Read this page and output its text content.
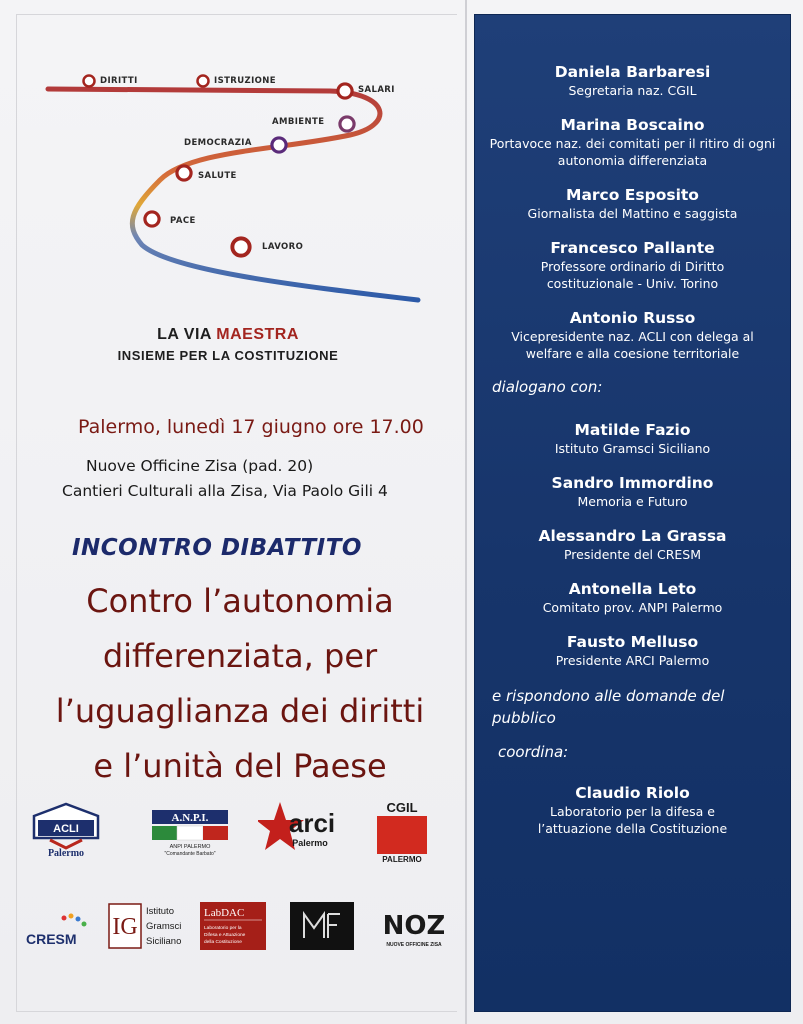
DIRITTI	ISTRUZIONE
SALARI
AMBIENTE
DEMOCRAZIA
SALUTE
PACE
LAVORO
LA VIA MAESTRA
INSIEME PER LA COSTITUZIONE
Palermo, lunedì 17 giugno ore 17.00
Nuove Officine Zisa (pad. 20)
Cantieri Culturali alla Zisa, Via Paolo Gili 4
INCONTRO DIBATTITO
Contro l’autonomia
differenziata, per
l’uguaglianza dei diritti
e l’unità del Paese
ACLI
Palermo
A.N.P.I.
ANPI PALERMO
"Comandante Barbato"
arci
Palermo
CGIL
PALERMO
CRESM IG
Istituto
Gramsci
Siciliano
LabDAC
Laboratorio per la
Difesa e Attuazione
della Costituzione
NOZ
NUOVE OFFICINE ZISA
Daniela Barbaresi
Segretaria naz. CGIL
Marina Boscaino
Portavoce naz. dei comitati per il ritiro di ogni autonomia differenziata
Marco Esposito
Giornalista del Mattino e saggista
Francesco Pallante
Professore ordinario di Diritto costituzionale - Univ. Torino
Antonio Russo
Vicepresidente naz. ACLI con delega al welfare e alla coesione territoriale
dialogano con:
Matilde Fazio
Istituto Gramsci Siciliano
Sandro Immordino
Memoria e Futuro
Alessandro La Grassa
Presidente del CRESM
Antonella Leto
Comitato prov. ANPI Palermo
Fausto Melluso
Presidente ARCI Palermo
e rispondono alle domande del pubblico
coordina:
Claudio Riolo
Laboratorio per la difesa e l’attuazione della Costituzione
